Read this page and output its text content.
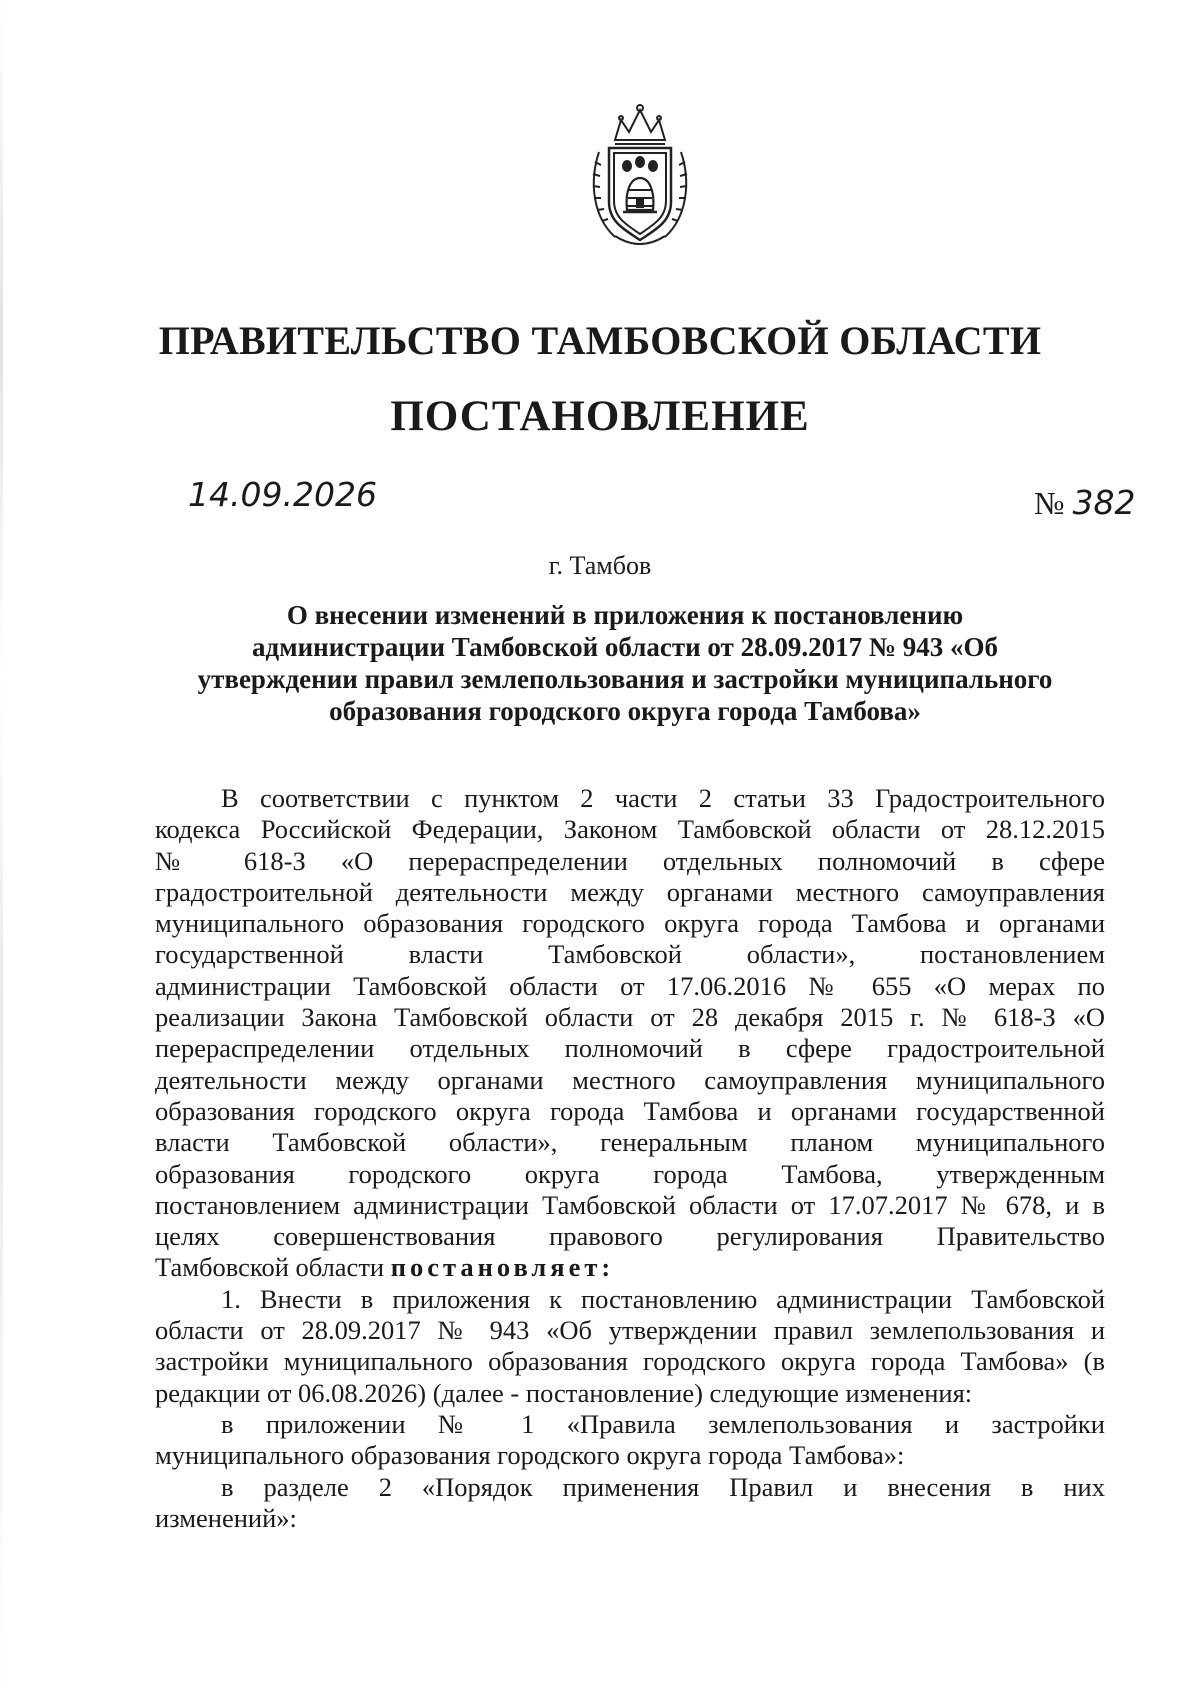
ПРАВИТЕЛЬСТВО ТАМБОВСКОЙ ОБЛАСТИ
ПОСТАНОВЛЕНИЕ
14.09.2026	№ 382
г. Тамбов
О внесении изменений в приложения к постановлению
администрации Тамбовской области от 28.09.2017 № 943 «Об
утверждении правил землепользования и застройки муниципального
образования городского округа города Тамбова»
В соответствии с пунктом 2 части 2 статьи 33 Градостроительного
кодекса Российской Федерации, Законом Тамбовской области от 28.12.2015
№ 618-З «О перераспределении отдельных полномочий в сфере
градостроительной деятельности между органами местного самоуправления
муниципального образования городского округа города Тамбова и органами
государственной власти Тамбовской области», постановлением
администрации Тамбовской области от 17.06.2016 № 655 «О мерах по
реализации Закона Тамбовской области от 28 декабря 2015 г. № 618-З «О
перераспределении отдельных полномочий в сфере градостроительной
деятельности между органами местного самоуправления муниципального
образования городского округа города Тамбова и органами государственной
власти Тамбовской области», генеральным планом муниципального
образования городского округа города Тамбова, утвержденным
постановлением администрации Тамбовской области от 17.07.2017 № 678, и в
целях совершенствования правового регулирования Правительство
Тамбовской области постановляет:
1. Внести в приложения к постановлению администрации Тамбовской
области от 28.09.2017 № 943 «Об утверждении правил землепользования и
застройки муниципального образования городского округа города Тамбова» (в
редакции от 06.08.2026) (далее - постановление) следующие изменения:
в приложении № 1 «Правила землепользования и застройки
муниципального образования городского округа города Тамбова»:
в разделе 2 «Порядок применения Правил и внесения в них
изменений»:
